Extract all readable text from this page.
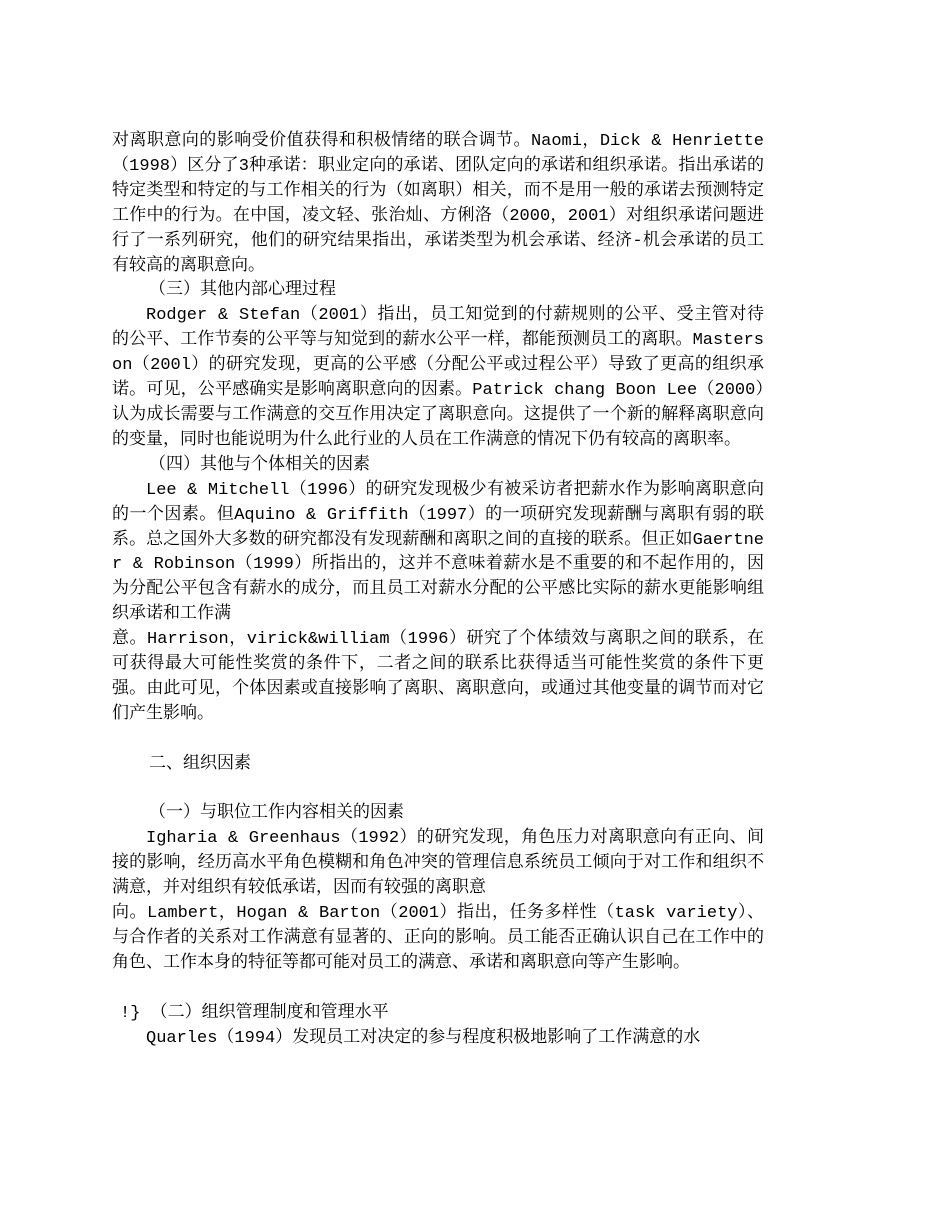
对离职意向的影响受价值获得和积极情绪的联合调节。Naomi，Dick & Henriette（1998）区分了3种承诺：职业定向的承诺、团队定向的承诺和组织承诺。指出承诺的特定类型和特定的与工作相关的行为（如离职）相关，而不是用一般的承诺去预测特定工作中的行为。在中国，凌文轻、张治灿、方俐洛（2000，2001）对组织承诺问题进行了一系列研究，他们的研究结果指出，承诺类型为机会承诺、经济-机会承诺的员工有较高的离职意向。

（三）其他内部心理过程

Rodger & Stefan（2001）指出，员工知觉到的付薪规则的公平、受主管对待的公平、工作节奏的公平等与知觉到的薪水公平一样，都能预测员工的离职。Masterson（200l）的研究发现，更高的公平感（分配公平或过程公平）导致了更高的组织承诺。可见，公平感确实是影响离职意向的因素。Patrick chang Boon Lee（2000）认为成长需要与工作满意的交互作用决定了离职意向。这提供了一个新的解释离职意向的变量，同时也能说明为什么此行业的人员在工作满意的情况下仍有较高的离职率。

（四）其他与个体相关的因素

Lee & Mitchell（1996）的研究发现极少有被采访者把薪水作为影响离职意向的一个因素。但Aquino & Griffith（1997）的一项研究发现薪酬与离职有弱的联系。总之国外大多数的研究都没有发现薪酬和离职之间的直接的联系。但正如Gaertner & Robinson（1999）所指出的，这并不意味着薪水是不重要的和不起作用的，因为分配公平包含有薪水的成分，而且员工对薪水分配的公平感比实际的薪水更能影响组织承诺和工作满

意。Harrison，virick&william（1996）研究了个体绩效与离职之间的联系，在可获得最大可能性奖赏的条件下，二者之间的联系比获得适当可能性奖赏的条件下更强。由此可见，个体因素或直接影响了离职、离职意向，或通过其他变量的调节而对它们产生影响。

二、组织因素

（一）与职位工作内容相关的因素

Igharia & Greenhaus（1992）的研究发现，角色压力对离职意向有正向、间接的影响，经历高水平角色模糊和角色冲突的管理信息系统员工倾向于对工作和组织不满意，并对组织有较低承诺，因而有较强的离职意

向。Lambert，Hogan & Barton（2001）指出，任务多样性（task variety）、与合作者的关系对工作满意有显著的、正向的影响。员工能否正确认识自己在工作中的角色、工作本身的特征等都可能对员工的满意、承诺和离职意向等产生影响。

!} （二）组织管理制度和管理水平

Quarles（1994）发现员工对决定的参与程度积极地影响了工作满意的水
